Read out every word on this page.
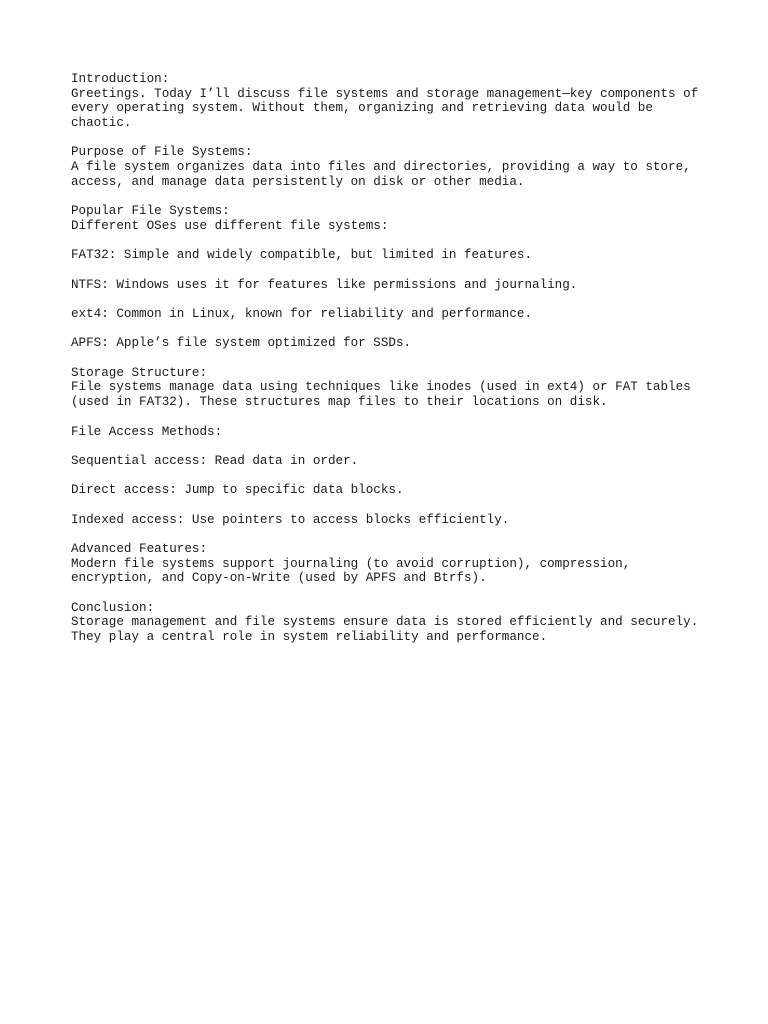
Introduction:
Greetings. Today I’ll discuss file systems and storage management—key components of
every operating system. Without them, organizing and retrieving data would be
chaotic.
Purpose of File Systems:
A file system organizes data into files and directories, providing a way to store,
access, and manage data persistently on disk or other media.
Popular File Systems:
Different OSes use different file systems:
FAT32: Simple and widely compatible, but limited in features.
NTFS: Windows uses it for features like permissions and journaling.
ext4: Common in Linux, known for reliability and performance.
APFS: Apple’s file system optimized for SSDs.
Storage Structure:
File systems manage data using techniques like inodes (used in ext4) or FAT tables
(used in FAT32). These structures map files to their locations on disk.
File Access Methods:
Sequential access: Read data in order.
Direct access: Jump to specific data blocks.
Indexed access: Use pointers to access blocks efficiently.
Advanced Features:
Modern file systems support journaling (to avoid corruption), compression,
encryption, and Copy-on-Write (used by APFS and Btrfs).
Conclusion:
Storage management and file systems ensure data is stored efficiently and securely.
They play a central role in system reliability and performance.
